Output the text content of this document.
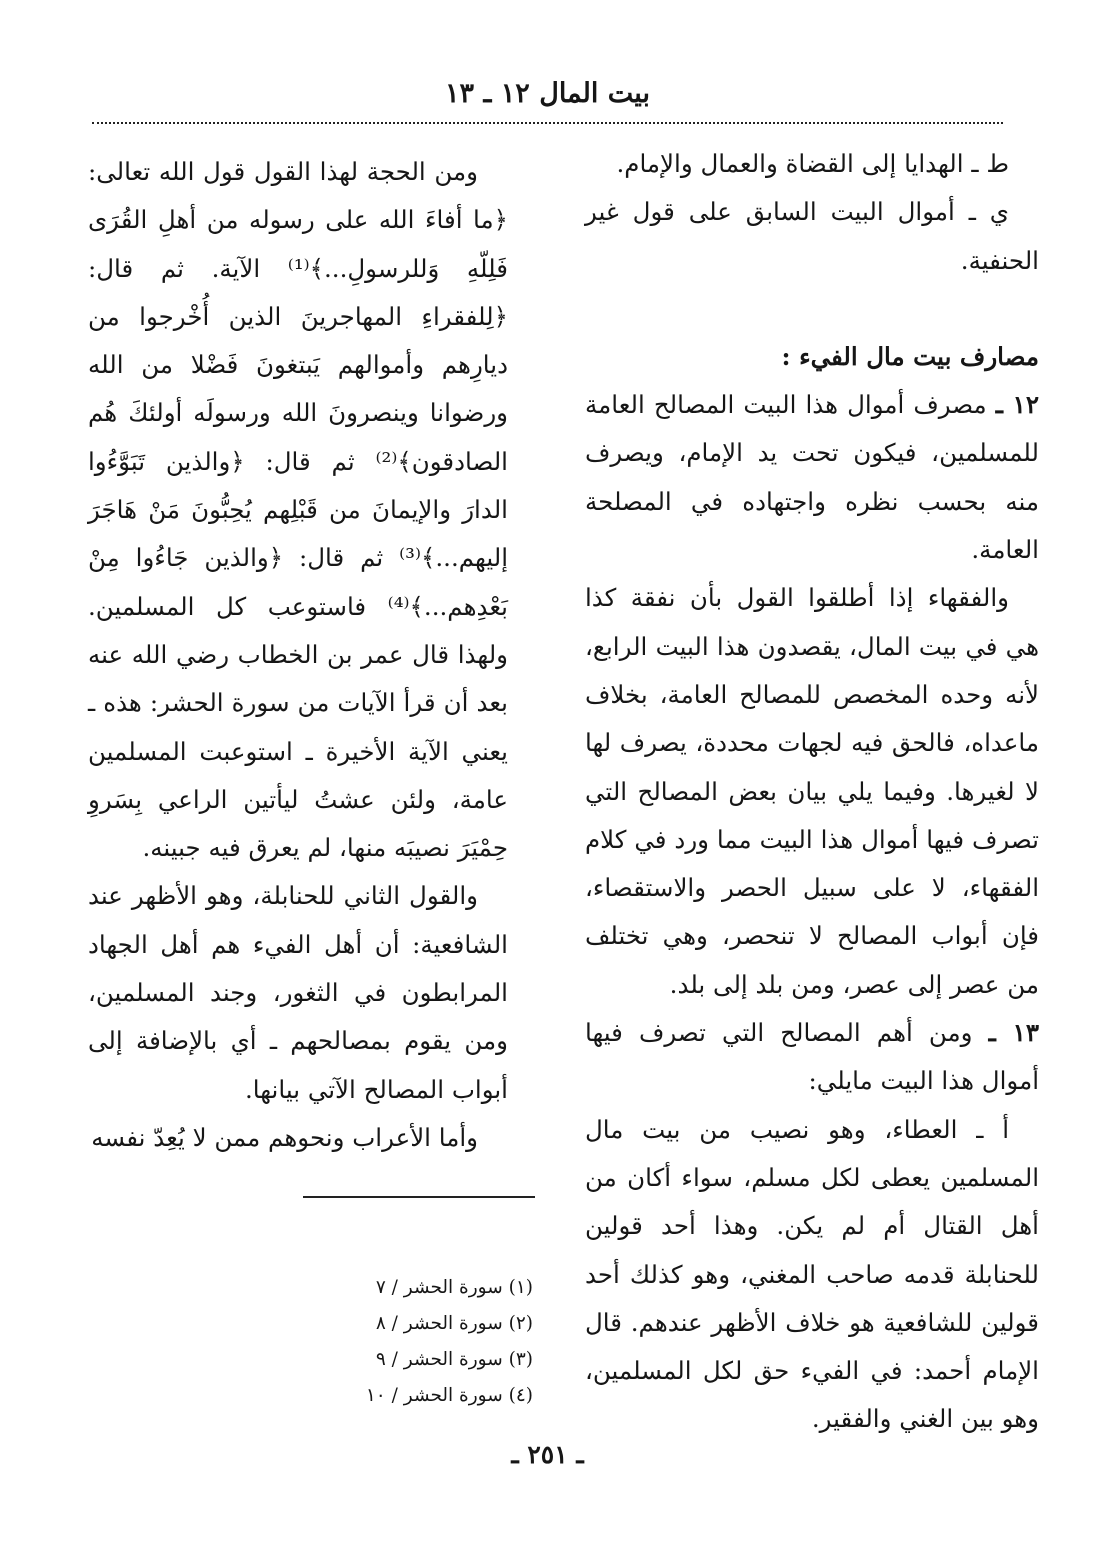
بيت المال ١٢ ـ ١٣

ط ـ الهدايا إلى القضاة والعمال والإمام.

ي ـ أموال البيت السابق على قول غير الحنفية.

مصارف بيت مال الفيء :

١٢ ـ مصرف أموال هذا البيت المصالح العامة للمسلمين، فيكون تحت يد الإمام، ويصرف منه بحسب نظره واجتهاده في المصلحة العامة.

والفقهاء إذا أطلقوا القول بأن نفقة كذا هي في بيت المال، يقصدون هذا البيت الرابع، لأنه وحده المخصص للمصالح العامة، بخلاف ماعداه، فالحق فيه لجهات محددة، يصرف لها لا لغيرها. وفيما يلي بيان بعض المصالح التي تصرف فيها أموال هذا البيت مما ورد في كلام الفقهاء، لا على سبيل الحصر والاستقصاء، فإن أبواب المصالح لا تنحصر، وهي تختلف من عصر إلى عصر، ومن بلد إلى بلد.

١٣ ـ ومن أهم المصالح التي تصرف فيها أموال هذا البيت مايلي:

أ ـ العطاء، وهو نصيب من بيت مال المسلمين يعطى لكل مسلم، سواء أكان من أهل القتال أم لم يكن. وهذا أحد قولين للحنابلة قدمه صاحب المغني، وهو كذلك أحد قولين للشافعية هو خلاف الأظهر عندهم. قال الإمام أحمد: في الفيء حق لكل المسلمين، وهو بين الغني والفقير.

ومن الحجة لهذا القول قول الله تعالى: ﴿ما أفاءَ الله على رسوله من أهلِ القُرَى فَلِلّهِ وَللرسولِ...﴾⁽¹⁾ الآية. ثم قال: ﴿لِلفقراءِ المهاجرينَ الذين أُخْرجوا من ديارِهم وأموالهم يَبتغونَ فَضْلا من الله ورضوانا وينصرونَ الله ورسولَه أولئكَ هُم الصادقون﴾⁽²⁾ ثم قال: ﴿والذين تَبَوَّءُوا الدارَ والإيمانَ من قَبْلِهم يُحِبُّونَ مَنْ هَاجَرَ إليهم...﴾⁽³⁾ ثم قال: ﴿والذين جَاءُوا مِنْ بَعْدِهم...﴾⁽⁴⁾ فاستوعب كل المسلمين. ولهذا قال عمر بن الخطاب رضي الله عنه بعد أن قرأ الآيات من سورة الحشر: هذه ـ يعني الآية الأخيرة ـ استوعبت المسلمين عامة، ولئن عشتُ ليأتين الراعي بِسَروِ حِمْيَرَ نصيبَه منها، لم يعرق فيه جبينه.

والقول الثاني للحنابلة، وهو الأظهر عند الشافعية: أن أهل الفيء هم أهل الجهاد المرابطون في الثغور، وجند المسلمين، ومن يقوم بمصالحهم ـ أي بالإضافة إلى أبواب المصالح الآتي بيانها.

وأما الأعراب ونحوهم ممن لا يُعِدّ نفسه

(١) سورة الحشر / ٧
(٢) سورة الحشر / ٨
(٣) سورة الحشر / ٩
(٤) سورة الحشر / ١٠
ـ ٢٥١ ـ
